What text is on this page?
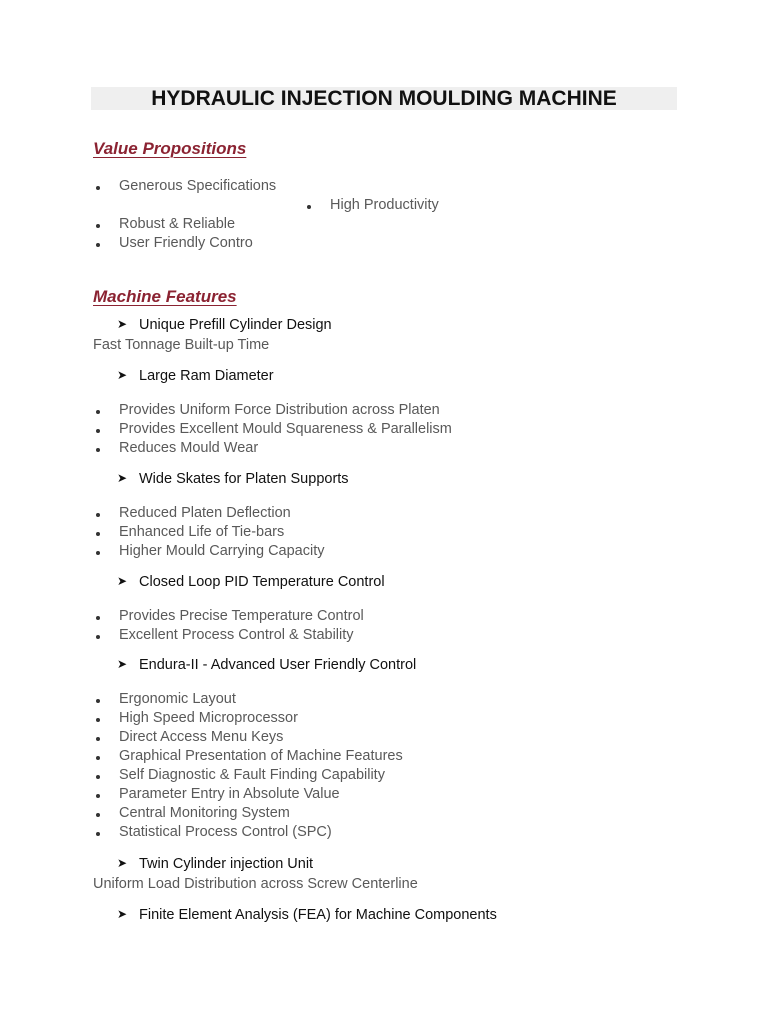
HYDRAULIC INJECTION MOULDING MACHINE
Value Propositions
Generous Specifications
High Productivity
Robust & Reliable
User Friendly Contro
Machine Features
➤ Unique Prefill Cylinder Design
Fast Tonnage Built-up Time
➤ Large Ram Diameter
Provides Uniform Force Distribution across Platen
Provides Excellent Mould Squareness & Parallelism
Reduces Mould Wear
➤ Wide Skates for Platen Supports
Reduced Platen Deflection
Enhanced Life of Tie-bars
Higher Mould Carrying Capacity
➤ Closed Loop PID Temperature Control
Provides Precise Temperature Control
Excellent Process Control & Stability
➤ Endura-II - Advanced User Friendly Control
Ergonomic Layout
High Speed Microprocessor
Direct Access Menu Keys
Graphical Presentation of Machine Features
Self Diagnostic & Fault Finding Capability
Parameter Entry in Absolute Value
Central Monitoring System
Statistical Process Control (SPC)
➤ Twin Cylinder injection Unit
Uniform Load Distribution across Screw Centerline
➤ Finite Element Analysis (FEA) for Machine Components
